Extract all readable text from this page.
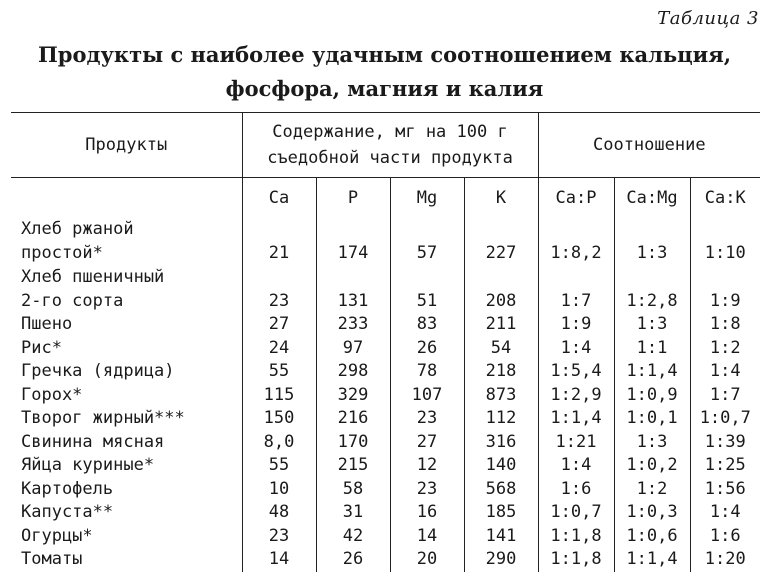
Таблица 3
Продукты с наиболее удачным соотношением кальция,
фосфора, магния и калия
Продукты	Содержание, мг на 100 г
съедобной части продукта				Соотношение		
	Ca	P	Mg	К	Ca:P	Ca:Mg	Ca:К
Хлеб ржаной							
простой*	21	174	57	227	1:8,2	1:3	1:10
Хлеб пшеничный							
2-го сорта	23	131	51	208	1:7	1:2,8	1:9
Пшено	27	233	83	211	1:9	1:3	1:8
Рис*	24	97	26	54	1:4	1:1	1:2
Гречка (ядрица)	55	298	78	218	1:5,4	1:1,4	1:4
Горох*	115	329	107	873	1:2,9	1:0,9	1:7
Творог жирный***	150	216	23	112	1:1,4	1:0,1	1:0,7
Свинина мясная	8,0	170	27	316	1:21	1:3	1:39
Яйца куриные*	55	215	12	140	1:4	1:0,2	1:25
Картофель	10	58	23	568	1:6	1:2	1:56
Капуста**	48	31	16	185	1:0,7	1:0,3	1:4
Огурцы*	23	42	14	141	1:1,8	1:0,6	1:6
Томаты	14	26	20	290	1:1,8	1:1,4	1:20
